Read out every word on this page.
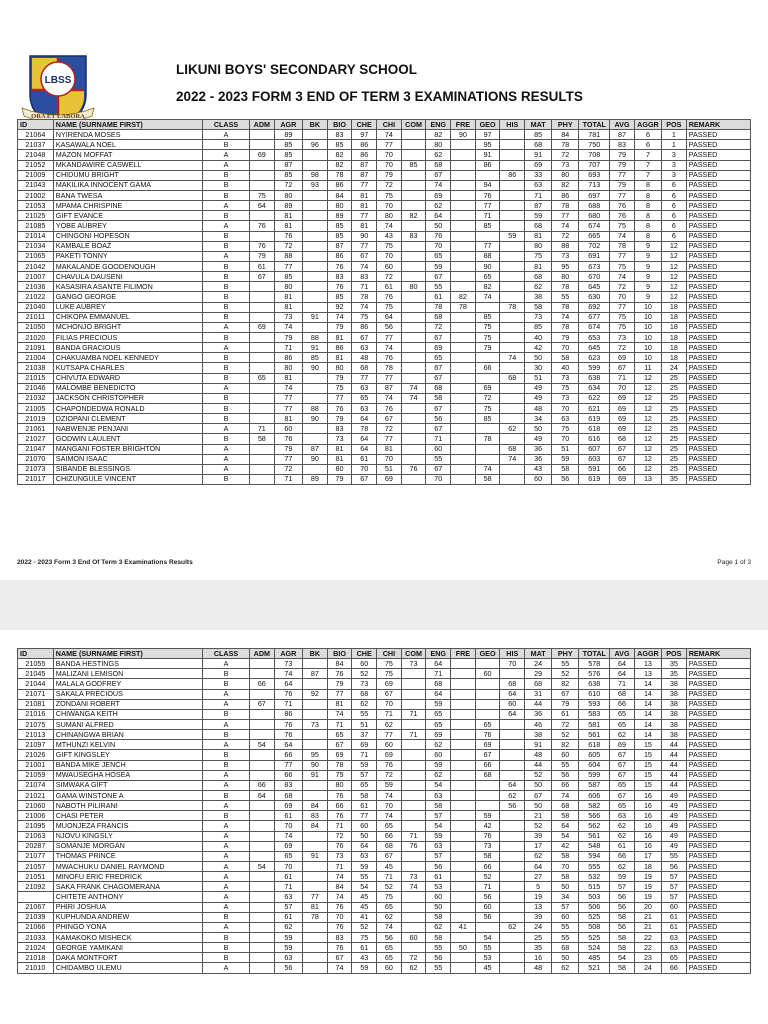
LBSS
ORA ET LABORA
LIKUNI BOYS' SECONDARY SCHOOL
2022 - 2023 FORM 3 END OF TERM 3 EXAMINATIONS RESULTS
ID	NAME (SURNAME FIRST)	CLASS	ADM	AGR	BK	BIO	CHE	CHI	COM	ENG	FRE	GEO	HIS	MAT	PHY	TOTAL	AVG	AGGR	POS	REMARK
21064	NYIRENDA MOSES	A		89		83	97	74		82	90	97		85	84	781	87	6	1	PASSED
21037	KASAWALA NOEL	B		85	96	85	86	77		80		95		68	78	750	83	6	1	PASSED
21048	MAZON MOFFAT	A	69	85		82	86	70		62		91		91	72	708	79	7	3	PASSED
21052	MKANDAWIRE CASWELL	A		87		82	87	70	85	68		86		69	73	707	79	7	3	PASSED
21009	CHIDUMU BRIGHT	B		85	98	78	87	79		67			86	33	80	693	77	7	3	PASSED
21043	MAKILIKA INNOCENT GAMA	B		72	93	86	77	72		74		94		63	82	713	79	8	6	PASSED
21002	BANA TWESA	B	75	80		84	81	75		69		76		71	86	697	77	8	6	PASSED
21053	MPAMA CHRISPINE	A	64	89		80	81	70		62		77		87	78	688	76	8	6	PASSED
21025	GIFT EVANCE	B		81		89	77	80	82	64		71		59	77	680	76	8	6	PASSED
21085	YOBE AUBREY	A	76	81		85	81	74		50		85		68	74	674	75	8	6	PASSED
21014	CHINGONI HOPESON	B		76		85	90	43	83	76			59	81	72	665	74	8	6	PASSED
21034	KAMBALE BOAZ	B	76	72		87	77	75		70		77		80	88	702	78	9	12	PASSED
21065	PAKETI TONNY	A	79	88		86	67	70		65		88		75	73	691	77	9	12	PASSED
21042	MAKALANDE GOODENOUGH	B	61	77		76	74	60		59		90		81	95	673	75	9	12	PASSED
21007	CHAVULA DAUSENI	B	67	85		83	83	72		67		65		68	80	670	74	9	12	PASSED
21036	KASASIRA ASANTE FILIMON	B		80		76	71	61	80	55		82		62	78	645	72	9	12	PASSED
21022	GANGO GEORGE	B		81		85	78	76		61	82	74		38	55	630	70	9	12	PASSED
21040	LUKE AUBREY	B		81		92	74	75		78	78		78	58	78	692	77	10	18	PASSED
21011	CHIKOPA EMMANUEL	B		73	91	74	75	64		68		85		73	74	677	75	10	18	PASSED
21050	MCHONJO BRIGHT	A	69	74		79	86	56		72		75		85	78	674	75	10	18	PASSED
21020	FILIAS PRECIOUS	B		79	88	81	67	77		67		75		40	79	653	73	10	18	PASSED
21091	BANDA GRACIOUS	A		71	91	86	63	74		69		79		42	70	645	72	10	18	PASSED
21004	CHAKUAMBA NOEL KENNEDY	B		86	85	81	48	76		65			74	50	58	623	69	10	18	PASSED
21038	KUTSAPA CHARLES	B		80	90	80	68	78		67		66		30	40	599	67	11	24	PASSED
21015	CHIVUTA EDWARD	B	65	81		79	77	77		67			68	51	73	638	71	12	25	PASSED
21046	MALOMBE BENEDICTO	A		74		75	63	87	74	68		69		49	75	634	70	12	25	PASSED
21032	JACKSON CHRISTOPHER	B		77		77	65	74	74	58		72		49	73	622	69	12	25	PASSED
21005	CHAPONDEDWA RONALD	B		77	88	76	63	76		67		75		48	70	621	69	12	25	PASSED
21019	DZIOPANI CLEMENT	B		81	90	79	64	67		56		85		34	63	619	69	12	25	PASSED
21061	NABWENJE PENJANI	A	71	60		83	78	72		67			62	50	75	618	69	12	25	PASSED
21027	GODWIN LAULENT	B	58	76		73	64	77		71		78		49	70	616	68	12	25	PASSED
21047	MANGANI FOSTER BRIGHTON	A		79	87	81	64	81		60			68	36	51	607	67	12	25	PASSED
21070	SAIMON ISAAC	A		77	90	81	61	70		55			74	36	59	603	67	12	25	PASSED
21073	SIBANDE BLESSINGS	A		72		80	70	51	76	67		74		43	58	591	66	12	25	PASSED
21017	CHIZUNGULE VINCENT	B		71	89	79	67	69		70		58		60	56	619	69	13	35	PASSED
2022 - 2023 Form 3 End Of Term 3 Examinations Results	Page 1 of 3
ID	NAME (SURNAME FIRST)	CLASS	ADM	AGR	BK	BIO	CHE	CHI	COM	ENG	FRE	GEO	HIS	MAT	PHY	TOTAL	AVG	AGGR	POS	REMARK
21055	BANDA HESTINGS	A		73		84	60	75	73	64			70	24	55	578	64	13	35	PASSED
21045	MALIZANI LEMISON	B		74	87	76	52	75		71		60		29	52	576	64	13	35	PASSED
21044	MALALA GODFREY	B	66	64		79	73	69		68			68	68	82	638	71	14	38	PASSED
21071	SAKALA PRECIOUS	A		76	92	77	68	67		64			64	31	67	610	68	14	38	PASSED
21081	ZONDANI ROBERT	A	67	71		81	62	70		59			60	44	79	593	66	14	38	PASSED
21016	CHIWANGA KEITH	B		86		74	55	71	71	65			64	36	61	583	65	14	38	PASSED
21075	SUMANI ALFRED	A		76	73	71	51	62		65		65		46	72	581	65	14	38	PASSED
21013	CHINANGWA BRIAN	B		76		65	37	77	71	69		76		38	52	561	62	14	38	PASSED
21097	MTHUNZI KELVIN	A	54	64		67	69	60		62		69		91	82	618	69	15	44	PASSED
21026	GIFT KINGSLEY	B		66	95	69	71	69		60		67		48	60	605	67	15	44	PASSED
21001	BANDA MIKE JENCH	B		77	90	78	59	76		59		66		44	55	604	67	15	44	PASSED
21059	MWAUSEGHA HOSEA	A		66	91	75	57	72		62		68		52	56	599	67	15	44	PASSED
21074	SIMWAKA GIFT	A	66	83		80	65	59		54			64	50	66	587	65	15	44	PASSED
21021	GAMA WINSTONE A	B	64	68		76	58	74		63			62	67	74	606	67	16	49	PASSED
21060	NABOTH PILIRANI	A		69	84	66	61	70		58			56	50	68	582	65	16	49	PASSED
21006	CHASI PETER	B		61	83	76	77	74		57		59		21	58	566	63	16	49	PASSED
21095	MUONJEZA FRANCIS	A		70	84	71	60	65		54		42		52	64	562	62	16	49	PASSED
21063	NJOVU KINGSLY	A		74		72	50	66	71	59		76		39	54	561	62	16	49	PASSED
20287	SOMANJE MORGAN	A		69		76	64	68	76	63		73		17	42	548	61	16	49	PASSED
21077	THOMAS PRINCE	A		65	91	73	63	67		57		58		62	58	594	66	17	55	PASSED
21057	MWACHUKU DANIEL RAYMOND	A	54	70		71	59	45		56		66		64	70	555	62	18	56	PASSED
21051	MINOFU ERIC FREDRICK	A		61		74	55	71	73	61		52		27	58	532	59	19	57	PASSED
21092	SAKA FRANK CHAGOMERANA	A		71		84	54	52	74	53		71		5	50	515	57	19	57	PASSED
	CHITETE ANTHONY	A		63	77	74	45	75		60		56		19	34	503	56	19	57	PASSED
21067	PHIRI JOSHUA	A		57	81	76	45	65		50		60		13	57	506	56	20	60	PASSED
21039	KUPHUNDA ANDREW	B		61	78	70	41	62		58		56		39	60	525	58	21	61	PASSED
21066	PHINGO YONA	A		62		76	52	74		62	41		62	24	55	508	56	21	61	PASSED
21033	KAMAKOKO MISHECK	B		59		83	75	56	60	58		54		25	55	525	58	22	63	PASSED
21024	GEORGE YAMIKANI	B		59		76	61	65		55	50	55		35	68	524	58	22	63	PASSED
21018	DAKA MONTFORT	B		63		67	43	65	72	56		53		16	50	485	54	23	65	PASSED
21010	CHIDAMBO ULEMU	A		56		74	59	60	62	55		45		48	62	521	58	24	66	PASSED
